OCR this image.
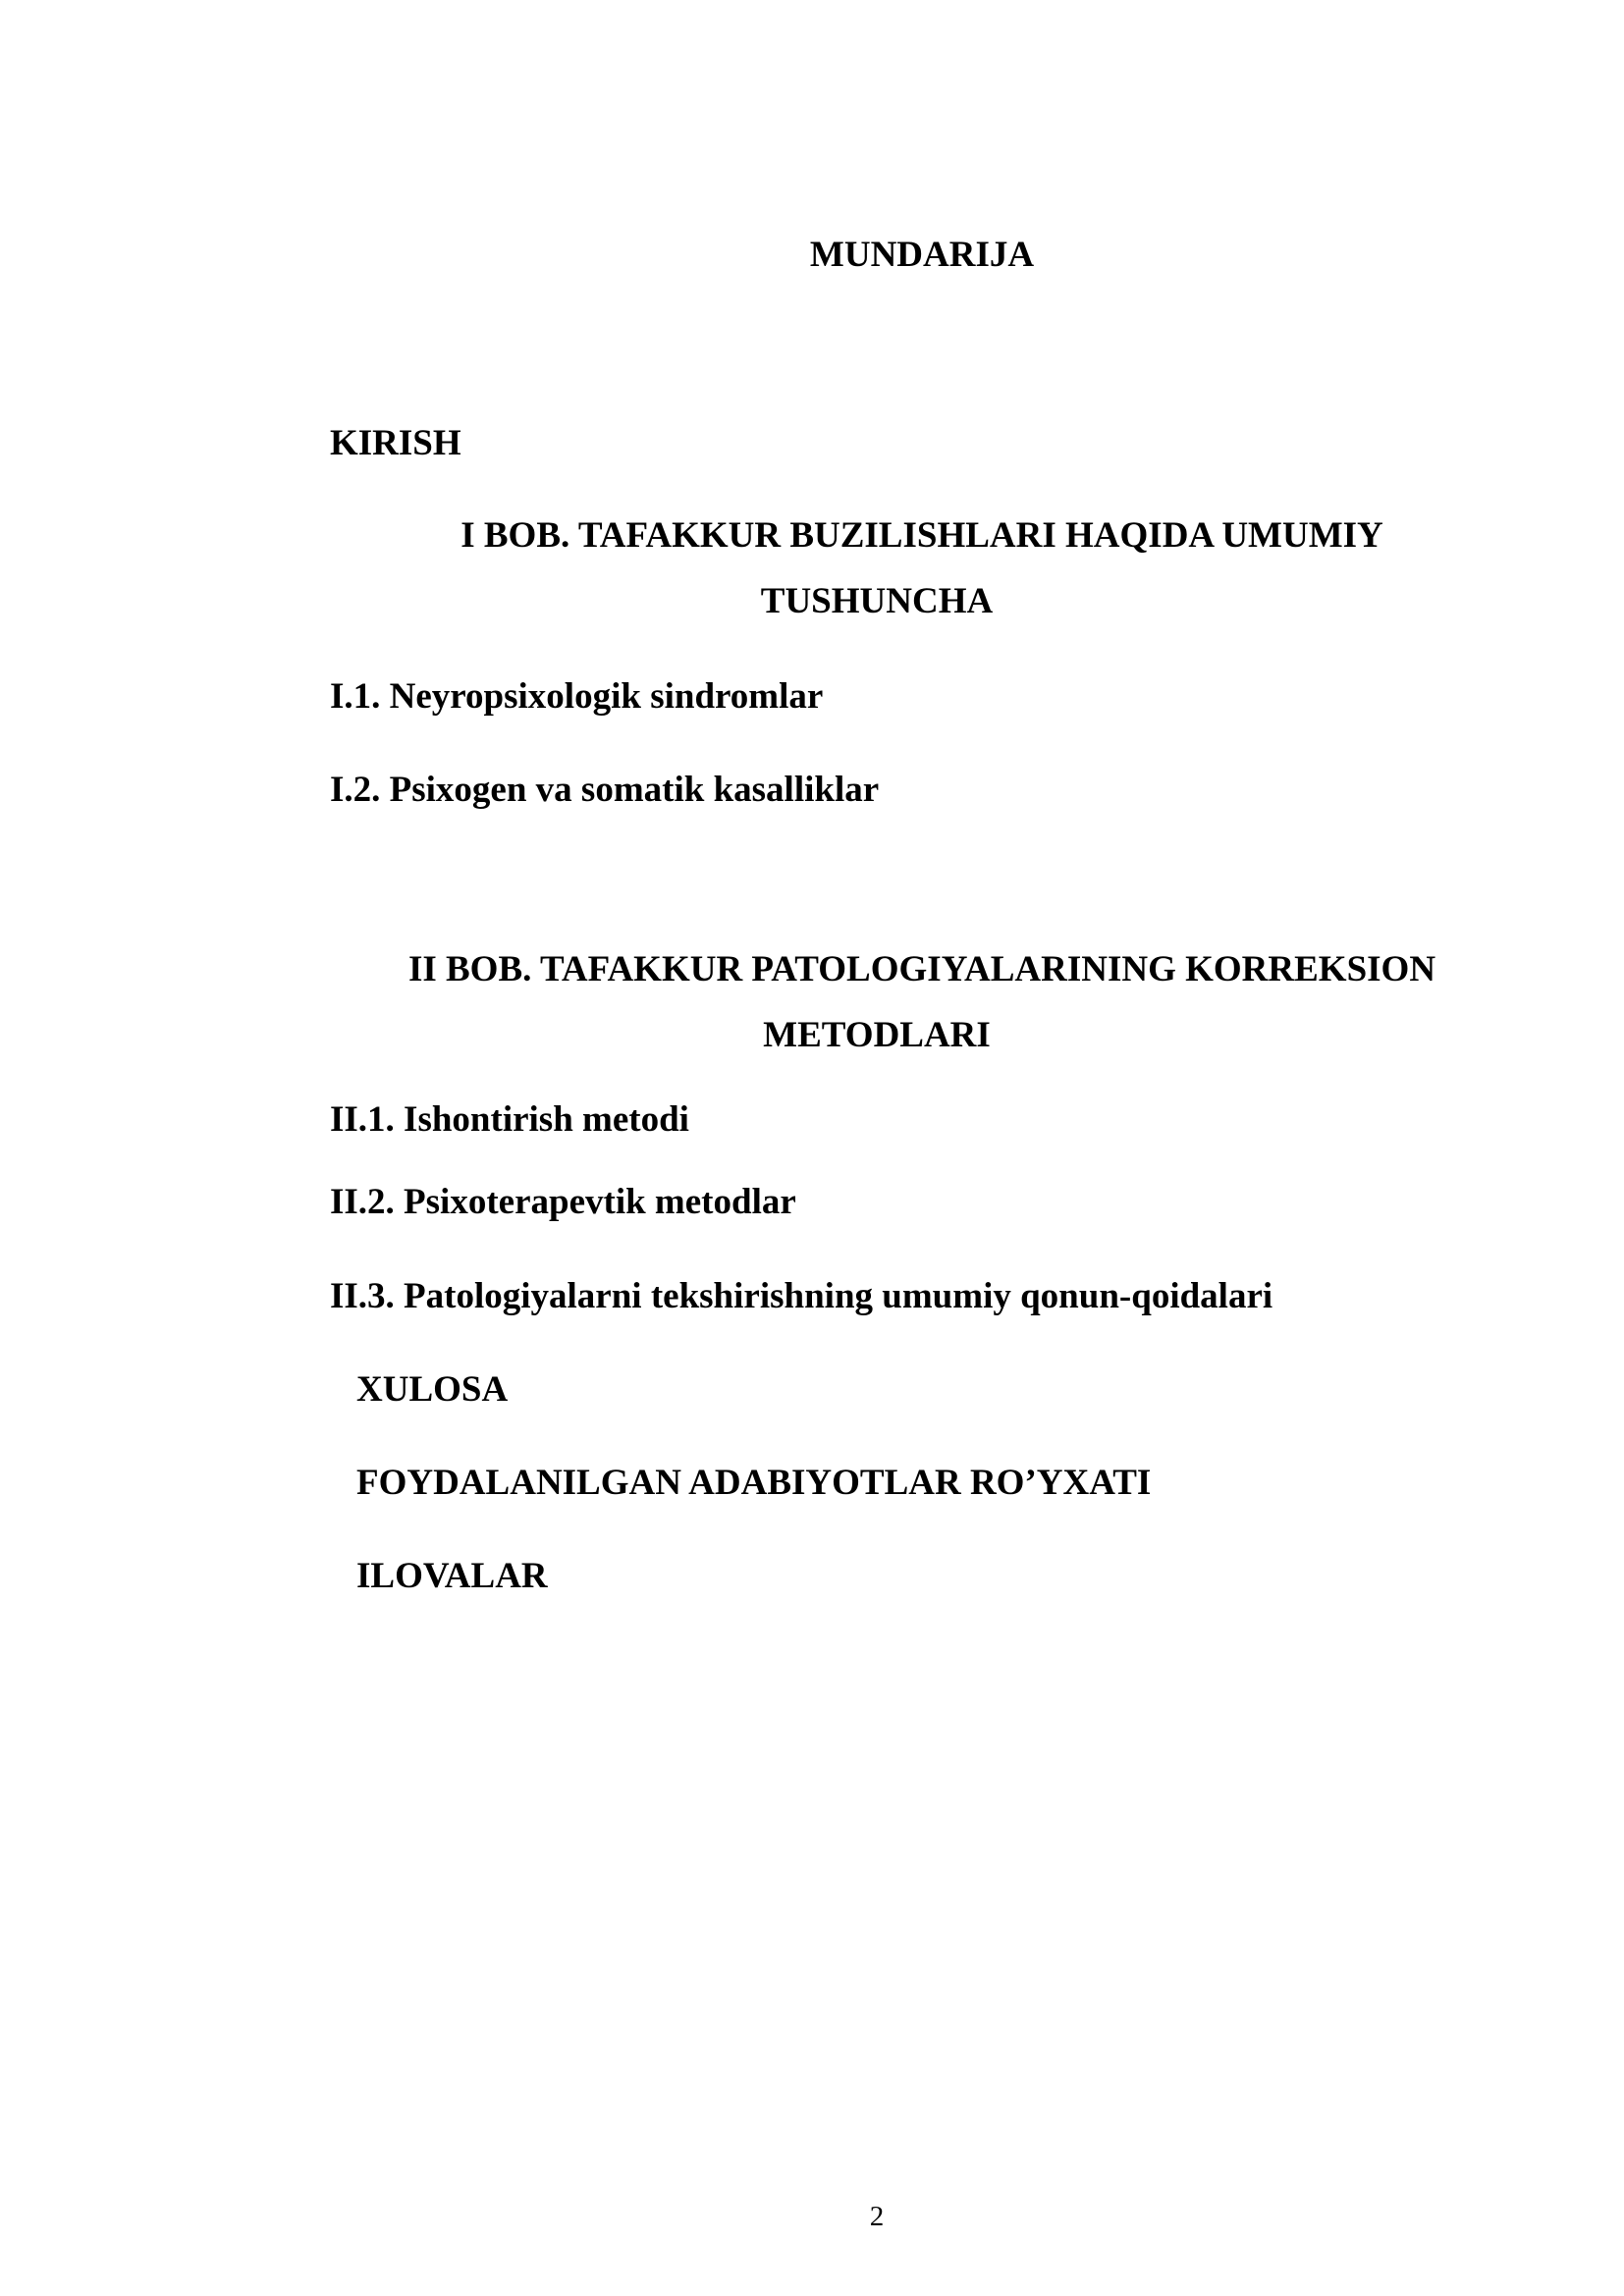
MUNDARIJA

KIRISH

I BOB. TAFAKKUR BUZILISHLARI HAQIDA UMUMIY

TUSHUNCHA

I.1. Neyropsixologik sindromlar

I.2. Psixogen va somatik kasalliklar

II BOB. TAFAKKUR PATOLOGIYALARINING KORREKSION

METODLARI

II.1. Ishontirish metodi

II.2. Psixoterapevtik metodlar

II.3. Patologiyalarni tekshirishning umumiy qonun-qoidalari

XULOSA

FOYDALANILGAN ADABIYOTLAR RO’YXATI

ILOVALAR

2
